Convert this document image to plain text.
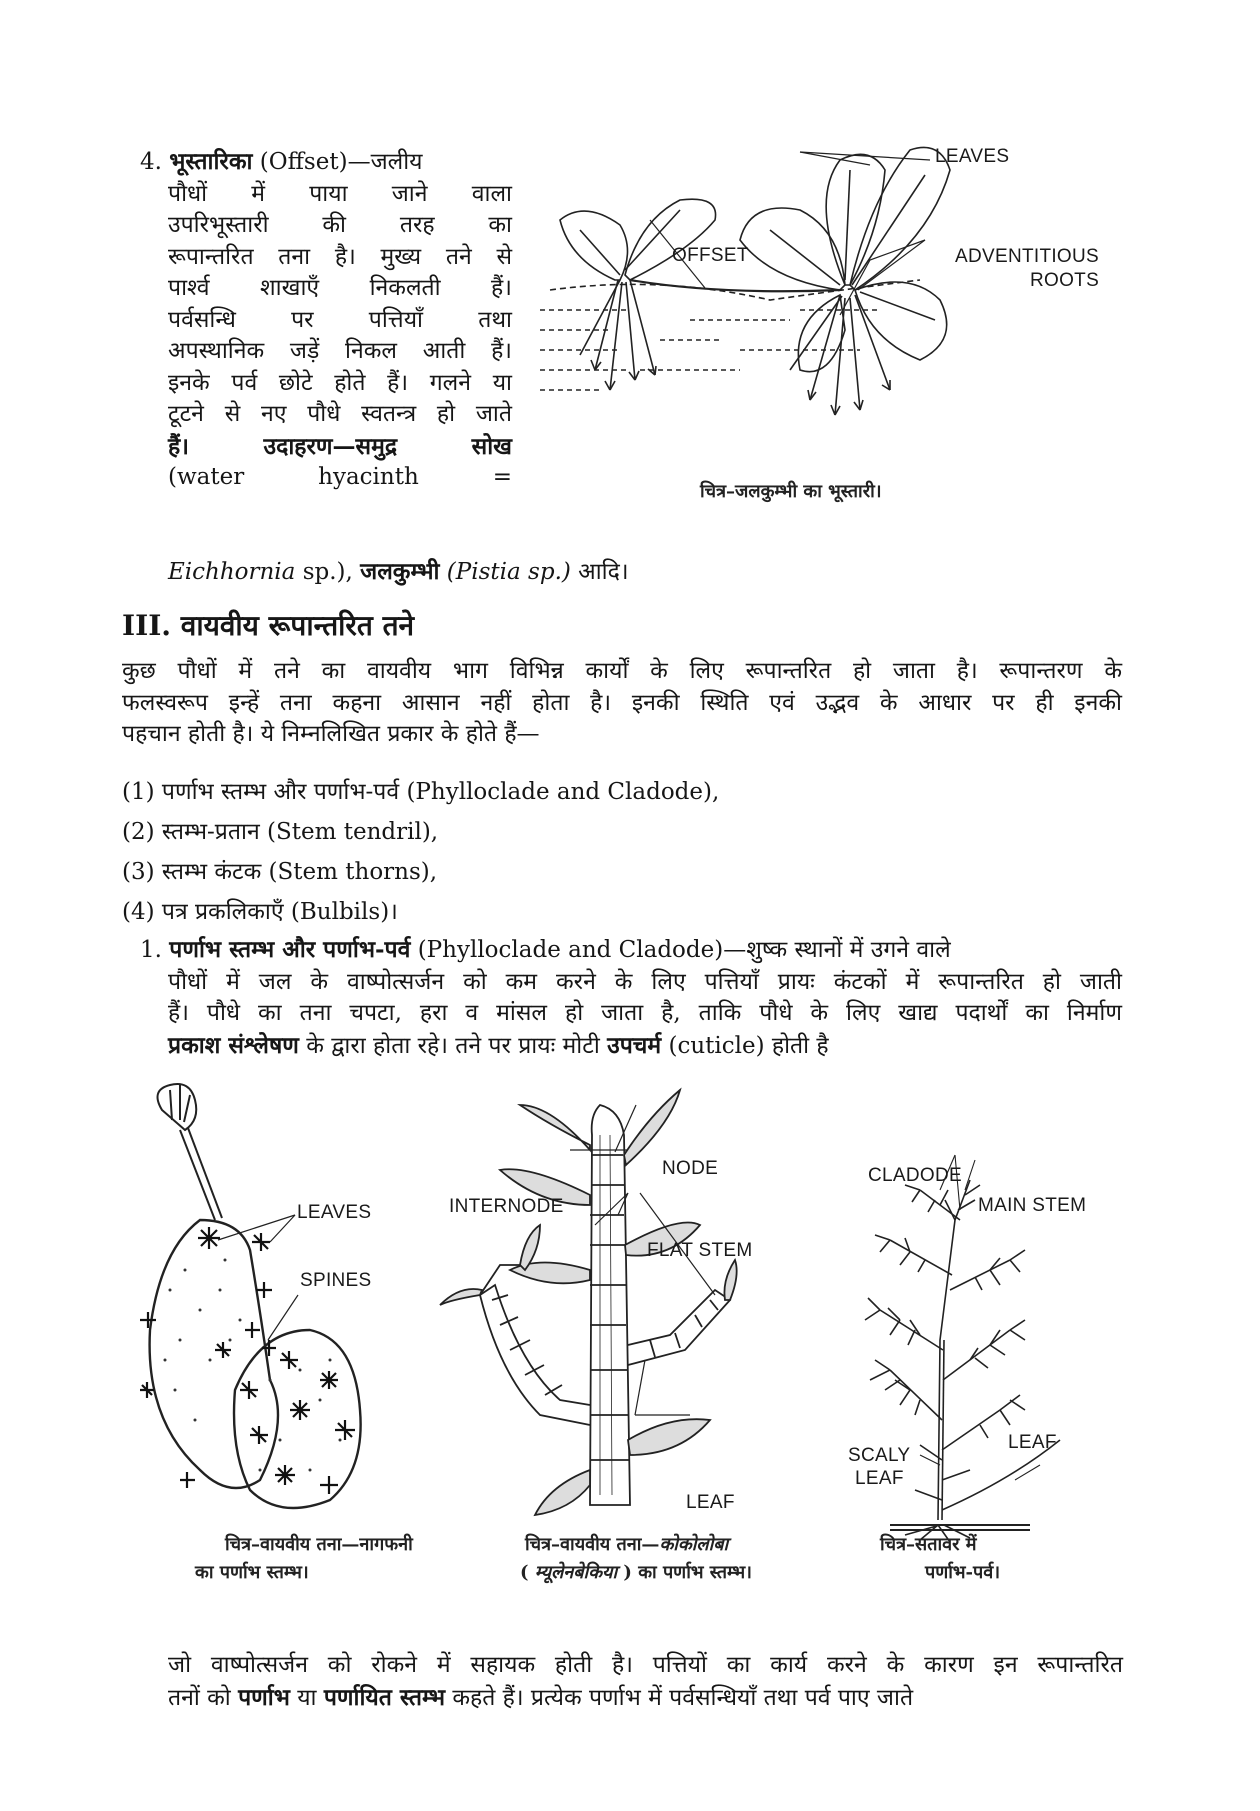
4. भूस्तारिका (Offset)—जलीय
पौधों में पाया जाने वाला
उपरिभूस्तारी की तरह का
रूपान्तरित तना है। मुख्य तने से
पार्श्व शाखाएँ निकलती हैं।
पर्वसन्धि पर पत्तियाँ तथा
अपस्थानिक जड़ें निकल आती हैं।
इनके पर्व छोटे होते हैं। गलने या
टूटने से नए पौधे स्वतन्त्र हो जाते
हैं। उदाहरण—समुद्र सोख
(water hyacinth =
Eichhornia sp.), जलकुम्भी (Pistia sp.) आदि।
LEAVES
OFFSET	ADVENTITIOUS
ROOTS
चित्र–जलकुम्भी का भूस्तारी।
III. वायवीय रूपान्तरित तने
कुछ पौधों में तने का वायवीय भाग विभिन्न कार्यों के लिए रूपान्तरित हो जाता है। रूपान्तरण के
फलस्वरूप इन्हें तना कहना आसान नहीं होता है। इनकी स्थिति एवं उद्भव के आधार पर ही इनकी
पहचान होती है। ये निम्नलिखित प्रकार के होते हैं—
(1) पर्णाभ स्तम्भ और पर्णाभ-पर्व (Phylloclade and Cladode),
(2) स्तम्भ-प्रतान (Stem tendril),
(3) स्तम्भ कंटक (Stem thorns),
(4) पत्र प्रकलिकाएँ (Bulbils)।
1. पर्णाभ स्तम्भ और पर्णाभ-पर्व (Phylloclade and Cladode)—शुष्क स्थानों में उगने वाले
पौधों में जल के वाष्पोत्सर्जन को कम करने के लिए पत्तियाँ प्रायः कंटकों में रूपान्तरित हो जाती
हैं। पौधे का तना चपटा, हरा व मांसल हो जाता है, ताकि पौधे के लिए खाद्य पदार्थों का निर्माण
प्रकाश संश्लेषण के द्वारा होता रहे। तने पर प्रायः मोटी उपचर्म (cuticle) होती है
LEAVES
SPINES
चित्र–वायवीय तना—नागफनी
का पर्णाभ स्तम्भ।
NODE
INTERNODE
FLAT STEM
LEAF
चित्र–वायवीय तना—कोकोलोबा
( म्यूलेनबेकिया ) का पर्णाभ स्तम्भ।
CLADODE
MAIN STEM
LEAF
SCALY
LEAF
चित्र–सतावर में
पर्णाभ-पर्व।
जो वाष्पोत्सर्जन को रोकने में सहायक होती है। पत्तियों का कार्य करने के कारण इन रूपान्तरित
तनों को पर्णाभ या पर्णायित स्तम्भ कहते हैं। प्रत्येक पर्णाभ में पर्वसन्धियाँ तथा पर्व पाए जाते
